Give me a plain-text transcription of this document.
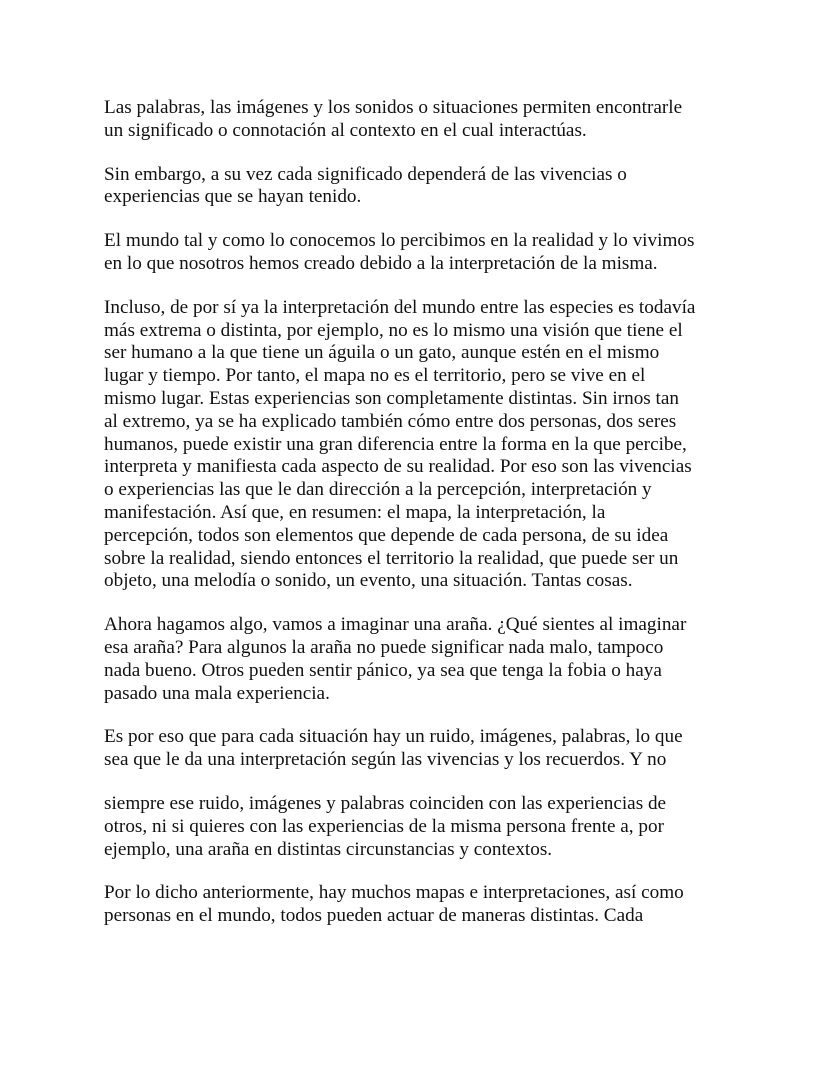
Las palabras, las imágenes y los sonidos o situaciones permiten encontrarle
un significado o connotación al contexto en el cual interactúas.

Sin embargo, a su vez cada significado dependerá de las vivencias o
experiencias que se hayan tenido.

El mundo tal y como lo conocemos lo percibimos en la realidad y lo vivimos
en lo que nosotros hemos creado debido a la interpretación de la misma.

Incluso, de por sí ya la interpretación del mundo entre las especies es todavía
más extrema o distinta, por ejemplo, no es lo mismo una visión que tiene el
ser humano a la que tiene un águila o un gato, aunque estén en el mismo
lugar y tiempo. Por tanto, el mapa no es el territorio, pero se vive en el
mismo lugar. Estas experiencias son completamente distintas. Sin irnos tan
al extremo, ya se ha explicado también cómo entre dos personas, dos seres
humanos, puede existir una gran diferencia entre la forma en la que percibe,
interpreta y manifiesta cada aspecto de su realidad. Por eso son las vivencias
o experiencias las que le dan dirección a la percepción, interpretación y
manifestación. Así que, en resumen: el mapa, la interpretación, la
percepción, todos son elementos que depende de cada persona, de su idea
sobre la realidad, siendo entonces el territorio la realidad, que puede ser un
objeto, una melodía o sonido, un evento, una situación. Tantas cosas.

Ahora hagamos algo, vamos a imaginar una araña. ¿Qué sientes al imaginar
esa araña? Para algunos la araña no puede significar nada malo, tampoco
nada bueno. Otros pueden sentir pánico, ya sea que tenga la fobia o haya
pasado una mala experiencia.

Es por eso que para cada situación hay un ruido, imágenes, palabras, lo que
sea que le da una interpretación según las vivencias y los recuerdos. Y no

siempre ese ruido, imágenes y palabras coinciden con las experiencias de
otros, ni si quieres con las experiencias de la misma persona frente a, por
ejemplo, una araña en distintas circunstancias y contextos.

Por lo dicho anteriormente, hay muchos mapas e interpretaciones, así como
personas en el mundo, todos pueden actuar de maneras distintas. Cada
